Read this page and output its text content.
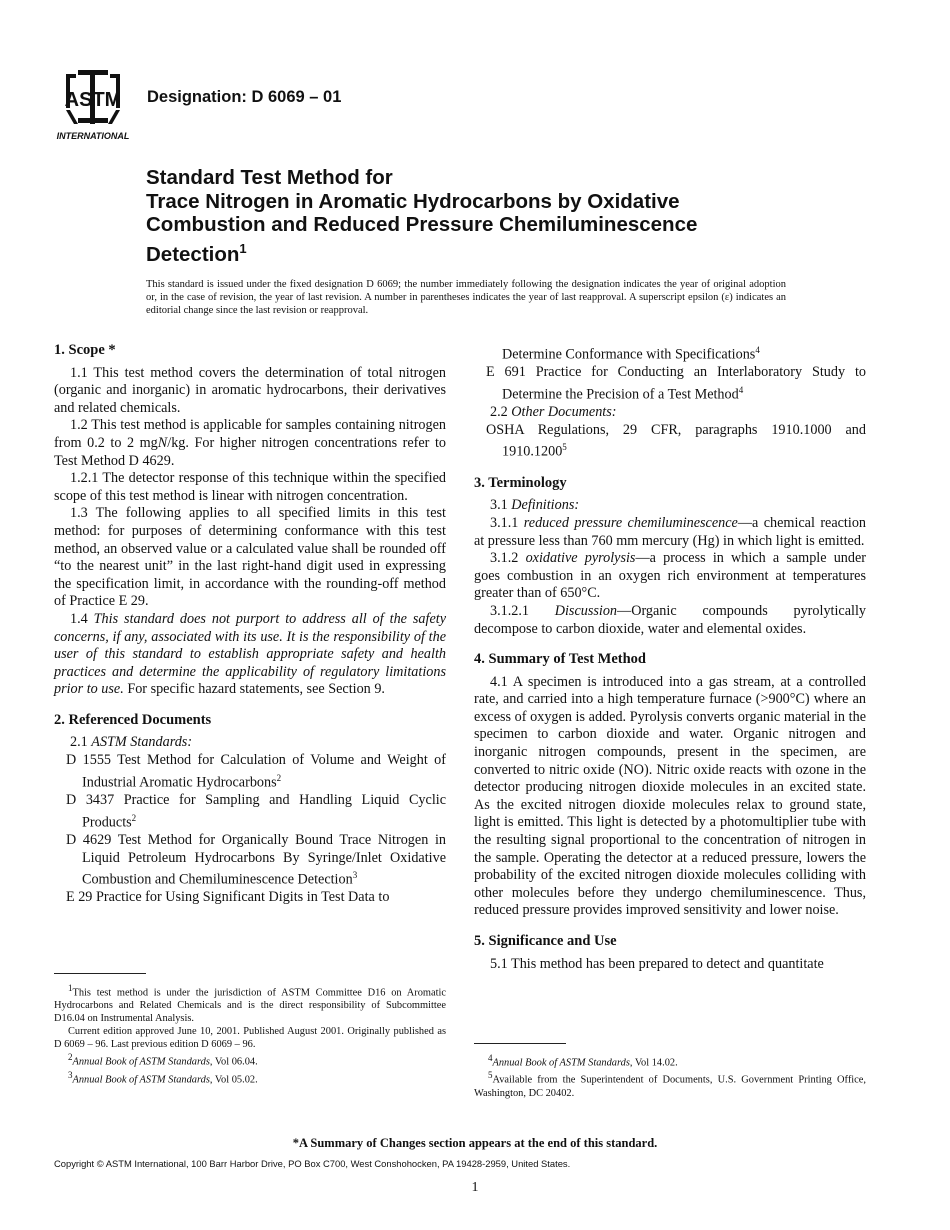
ASTM
INTERNATIONAL
Designation: D 6069 – 01
Standard Test Method for
Trace Nitrogen in Aromatic Hydrocarbons by Oxidative
Combustion and Reduced Pressure Chemiluminescence
Detection$^1$
This standard is issued under the fixed designation D 6069; the number immediately following the designation indicates the year of original adoption or, in the case of revision, the year of last revision. A number in parentheses indicates the year of last reapproval. A superscript epsilon (ε) indicates an editorial change since the last revision or reapproval.
1. Scope *

1.1 This test method covers the determination of total nitrogen (organic and inorganic) in aromatic hydrocarbons, their derivatives and related chemicals.

1.2 This test method is applicable for samples containing nitrogen from 0.2 to 2 mgN/kg. For higher nitrogen concentrations refer to Test Method D 4629.

1.2.1 The detector response of this technique within the specified scope of this test method is linear with nitrogen concentration.

1.3 The following applies to all specified limits in this test method: for purposes of determining conformance with this test method, an observed value or a calculated value shall be rounded off “to the nearest unit” in the last right-hand digit used in expressing the specification limit, in accordance with the rounding-off method of Practice E 29.

1.4 This standard does not purport to address all of the safety concerns, if any, associated with its use. It is the responsibility of the user of this standard to establish appropriate safety and health practices and determine the applicability of regulatory limitations prior to use. For specific hazard statements, see Section 9.

2. Referenced Documents

2.1 ASTM Standards:

D 1555 Test Method for Calculation of Volume and Weight of Industrial Aromatic Hydrocarbons$^2$

D 3437 Practice for Sampling and Handling Liquid Cyclic Products$^2$

D 4629 Test Method for Organically Bound Trace Nitrogen in Liquid Petroleum Hydrocarbons By Syringe/Inlet Oxidative Combustion and Chemiluminescence Detection$^3$

E 29 Practice for Using Significant Digits in Test Data to

$^1$This test method is under the jurisdiction of ASTM Committee D16 on Aromatic Hydrocarbons and Related Chemicals and is the direct responsibility of Subcommittee D16.04 on Instrumental Analysis.

Current edition approved June 10, 2001. Published August 2001. Originally published as D 6069 – 96. Last previous edition D 6069 – 96.

$^2$Annual Book of ASTM Standards, Vol 06.04.

$^3$Annual Book of ASTM Standards, Vol 05.02.

Determine Conformance with Specifications$^4$

E 691 Practice for Conducting an Interlaboratory Study to Determine the Precision of a Test Method$^4$

2.2 Other Documents:

OSHA Regulations, 29 CFR, paragraphs 1910.1000 and 1910.1200$^5$

3. Terminology

3.1 Definitions:

3.1.1 reduced pressure chemiluminescence—a chemical reaction at pressure less than 760 mm mercury (Hg) in which light is emitted.

3.1.2 oxidative pyrolysis—a process in which a sample under goes combustion in an oxygen rich environment at temperatures greater than of 650°C.

3.1.2.1 Discussion—Organic compounds pyrolytically decompose to carbon dioxide, water and elemental oxides.

4. Summary of Test Method

4.1 A specimen is introduced into a gas stream, at a controlled rate, and carried into a high temperature furnace (>900°C) where an excess of oxygen is added. Pyrolysis converts organic material in the specimen to carbon dioxide and water. Organic nitrogen and inorganic nitrogen compounds, present in the specimen, are converted to nitric oxide (NO). Nitric oxide reacts with ozone in the detector producing nitrogen dioxide molecules in an excited state. As the excited nitrogen dioxide molecules relax to ground state, light is emitted. This light is detected by a photomultiplier tube with the resulting signal proportional to the concentration of nitrogen in the sample. Operating the detector at a reduced pressure, lowers the probability of the excited nitrogen dioxide molecules colliding with other molecules before they undergo chemiluminescence. Thus, reduced pressure provides improved sensitivity and lower noise.

5. Significance and Use

5.1 This method has been prepared to detect and quantitate

$^4$Annual Book of ASTM Standards, Vol 14.02.

$^5$Available from the Superintendent of Documents, U.S. Government Printing Office, Washington, DC 20402.

*A Summary of Changes section appears at the end of this standard.
Copyright © ASTM International, 100 Barr Harbor Drive, PO Box C700, West Conshohocken, PA 19428-2959, United States.
1
